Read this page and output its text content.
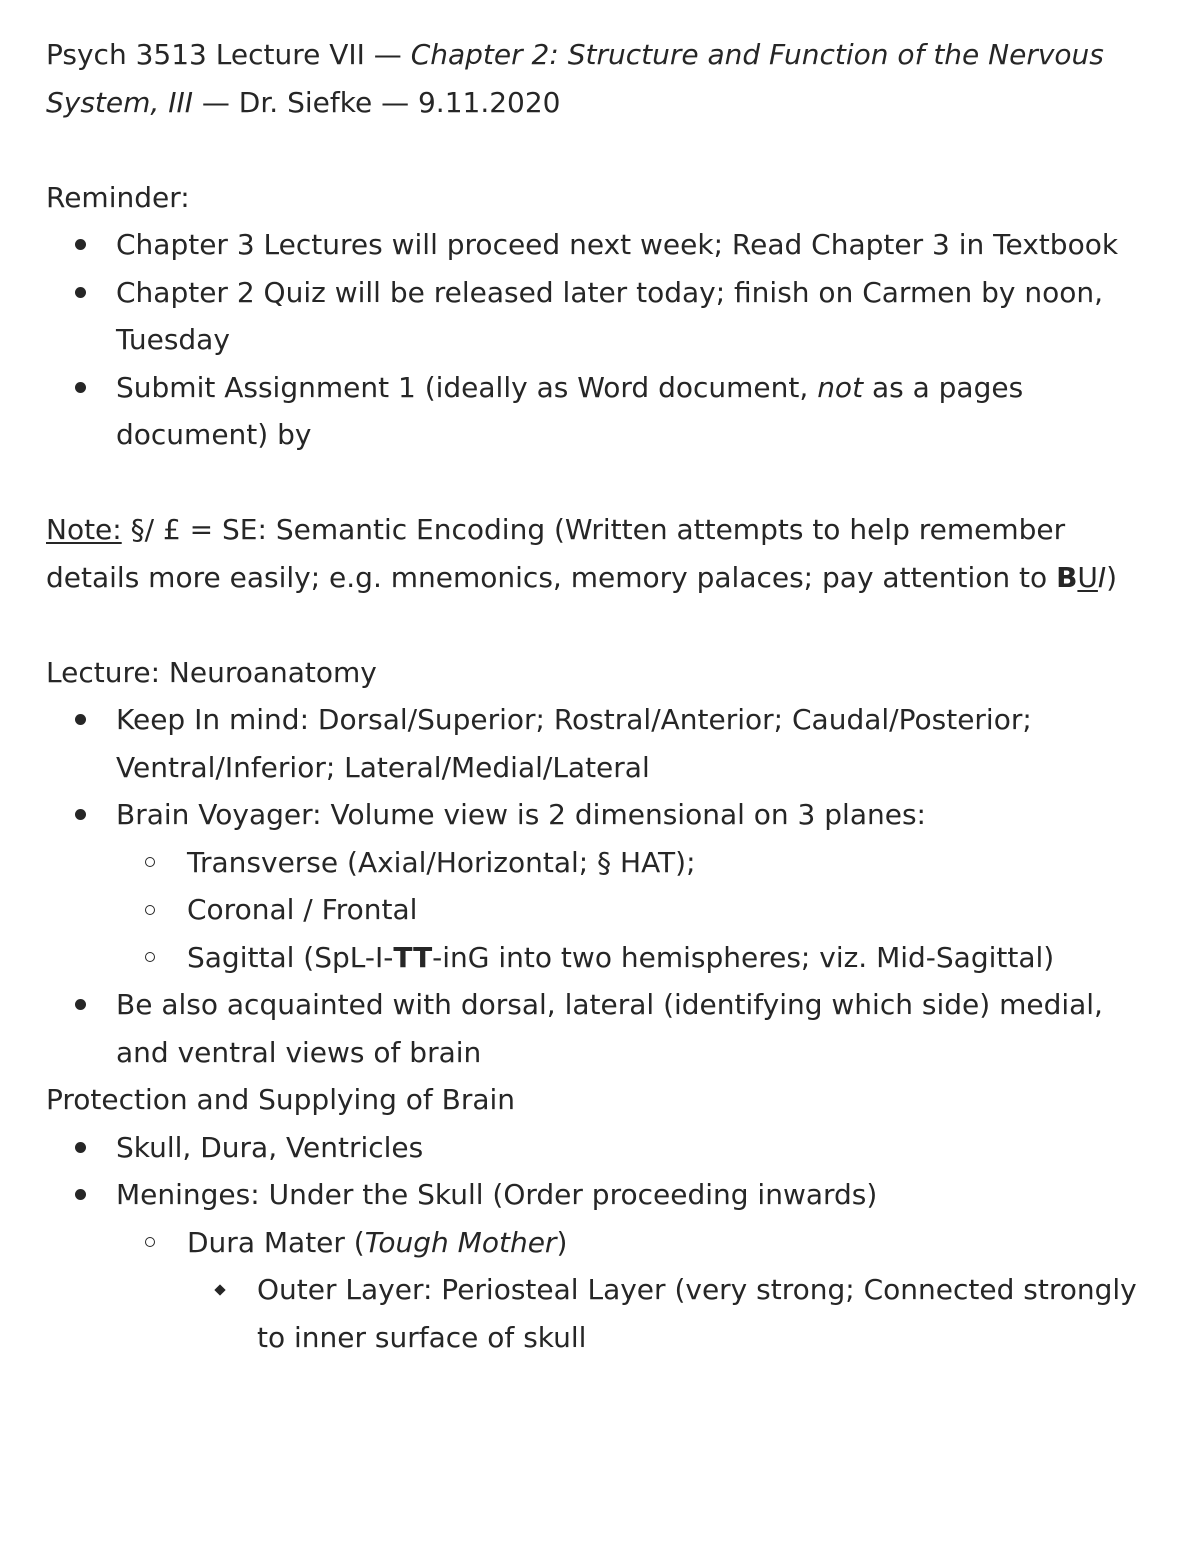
Psych 3513 Lecture VII — Chapter 2: Structure and Function of the Nervous System, III — Dr. Siefke — 9.11.2020

Reminder:

Chapter 3 Lectures will proceed next week; Read Chapter 3 in Textbook
Chapter 2 Quiz will be released later today; finish on Carmen by noon, Tuesday
Submit Assignment 1 (ideally as Word document, not as a pages document) by

Note: §/ £ = SE: Semantic Encoding (Written attempts to help remember details more easily; e.g. mnemonics, memory palaces; pay attention to BUI)

Lecture: Neuroanatomy

Keep In mind: Dorsal/Superior; Rostral/Anterior; Caudal/Posterior; Ventral/Inferior; Lateral/Medial/Lateral
Brain Voyager: Volume view is 2 dimensional on 3 planes:
Transverse (Axial/Horizontal; § HAT);
Coronal / Frontal
Sagittal (SpL-I-TT-inG into two hemispheres; viz. Mid-Sagittal)
Be also acquainted with dorsal, lateral (identifying which side) medial, and ventral views of brain

Protection and Supplying of Brain

Skull, Dura, Ventricles
Meninges: Under the Skull (Order proceeding inwards)
Dura Mater (Tough Mother)
Outer Layer: Periosteal Layer (very strong; Connected strongly to inner surface of skull
